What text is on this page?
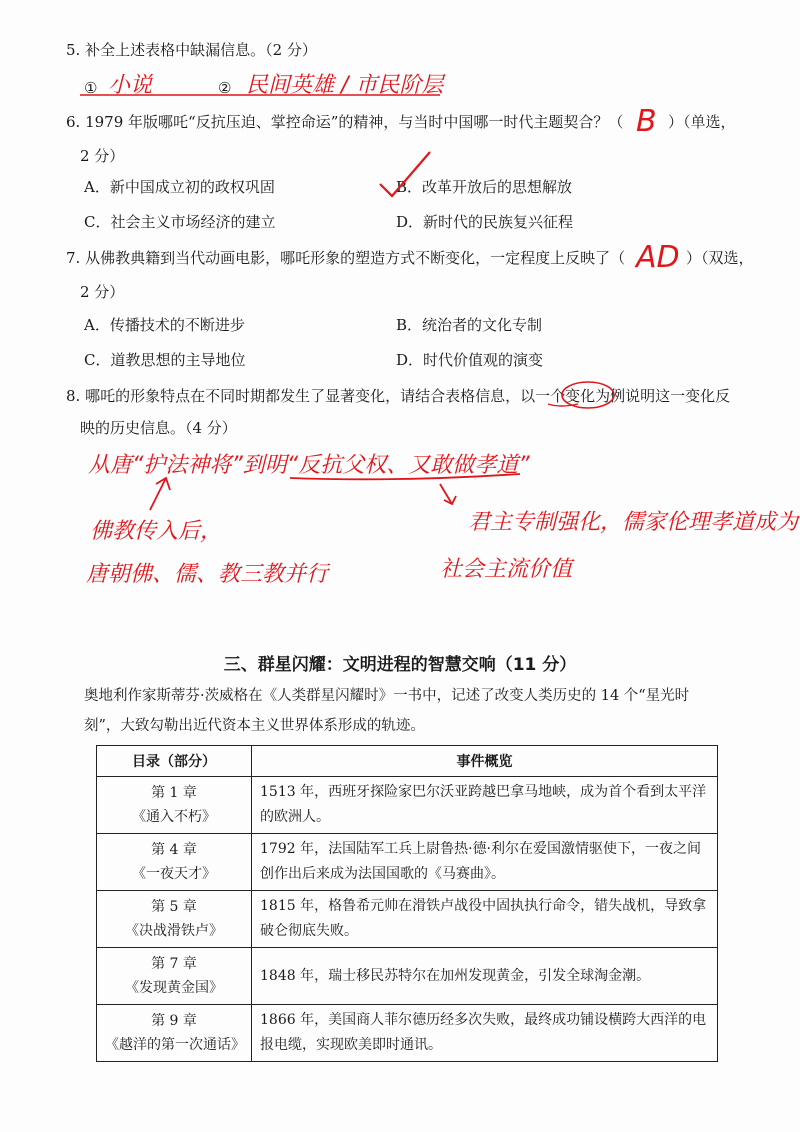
5. 补全上述表格中缺漏信息。（2 分）
① 小说	② 民间英雄 / 市民阶层
6. 1979 年版哪吒“反抗压迫、掌控命运”的精神，与当时中国哪一时代主题契合？（ B ）（单选，
2 分）
A．新中国成立初的政权巩固	B．改革开放后的思想解放
C．社会主义市场经济的建立	D．新时代的民族复兴征程
7. 从佛教典籍到当代动画电影，哪吒形象的塑造方式不断变化，一定程度上反映了（ AD ）（双选，
2 分）
A．传播技术的不断进步	B．统治者的文化专制
C．道教思想的主导地位	D．时代价值观的演变
8. 哪吒的形象特点在不同时期都发生了显著变化，请结合表格信息，以一个变化为例说明这一变化反
映的历史信息。（4 分）
从唐“护法神将”到明“反抗父权、又敢做孝道”
佛教传入后，
唐朝佛、儒、教三教并行
君主专制强化，儒家伦理孝道成为
社会主流价值
三、群星闪耀：文明进程的智慧交响（11 分）
奥地利作家斯蒂芬·茨威格在《人类群星闪耀时》一书中，记述了改变人类历史的 14 个“星光时
刻”，大致勾勒出近代资本主义世界体系形成的轨迹。
目录（部分）	事件概览

第 1 章
《通入不朽》	1513 年，西班牙探险家巴尔沃亚跨越巴拿马地峡，成为首个看到太平洋的欧洲人。

第 4 章
《一夜天才》	1792 年，法国陆军工兵上尉鲁热·德·利尔在爱国激情驱使下，一夜之间创作出后来成为法国国歌的《马赛曲》。

第 5 章
《决战滑铁卢》	1815 年，格鲁希元帅在滑铁卢战役中固执执行命令，错失战机，导致拿破仑彻底失败。

第 7 章
《发现黄金国》	1848 年，瑞士移民苏特尔在加州发现黄金，引发全球淘金潮。

第 9 章
《越洋的第一次通话》	1866 年，美国商人菲尔德历经多次失败，最终成功铺设横跨大西洋的电报电缆，实现欧美即时通讯。
